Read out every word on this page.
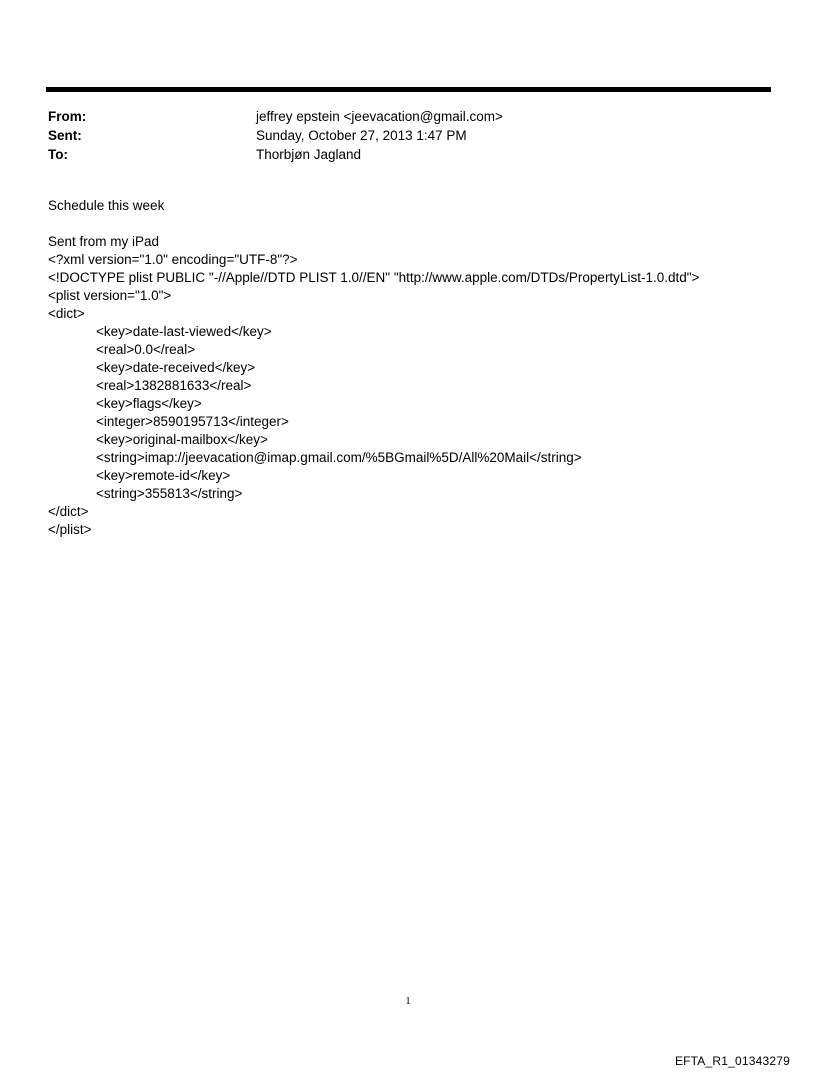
From:	jeffrey epstein <jeevacation@gmail.com>
Sent:	Sunday, October 27, 2013 1:47 PM
To:	Thorbjøn Jagland
Schedule this week
Sent from my iPad
<?xml version="1.0" encoding="UTF-8"?>
<!DOCTYPE plist PUBLIC "-//Apple//DTD PLIST 1.0//EN" "http://www.apple.com/DTDs/PropertyList-1.0.dtd">
<plist version="1.0">
<dict>
<key>date-last-viewed</key>
<real>0.0</real>
<key>date-received</key>
<real>1382881633</real>
<key>flags</key>
<integer>8590195713</integer>
<key>original-mailbox</key>
<string>imap://jeevacation@imap.gmail.com/%5BGmail%5D/All%20Mail</string>
<key>remote-id</key>
<string>355813</string>
</dict>
</plist>
1
EFTA_R1_01343279
